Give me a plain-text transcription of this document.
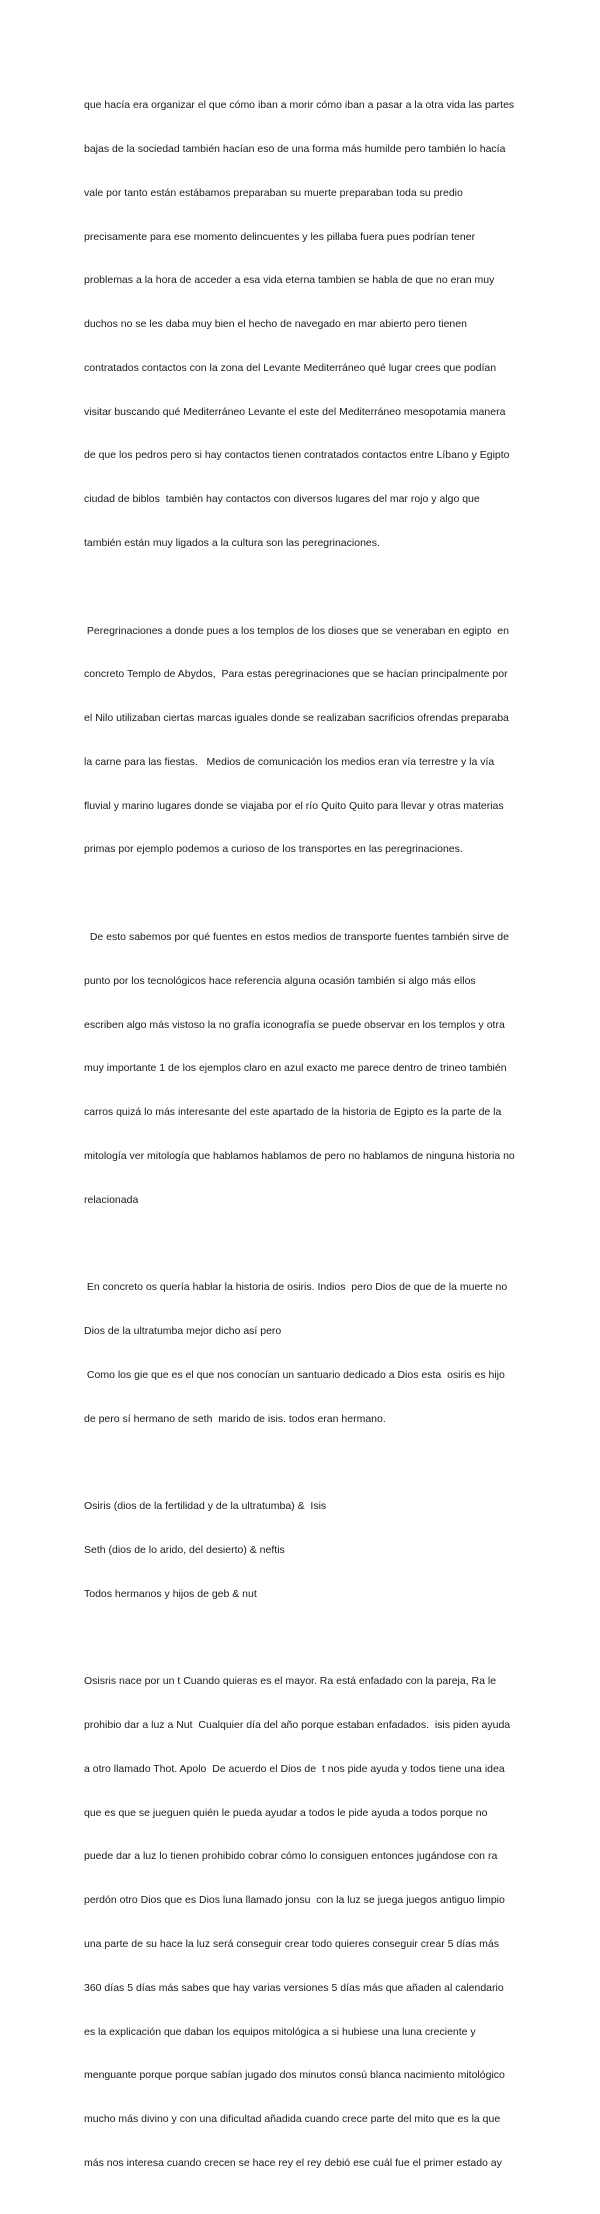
que hacía era organizar el que cómo iban a morir cómo iban a pasar a la otra vida las partes

bajas de la sociedad también hacían eso de una forma más humilde pero también lo hacía

vale por tanto están estábamos preparaban su muerte preparaban toda su predio

precisamente para ese momento delincuentes y les pillaba fuera pues podrían tener

problemas a la hora de acceder a esa vida eterna tambien se habla de que no eran muy

duchos no se les daba muy bien el hecho de navegado en mar abierto pero tienen

contratados contactos con la zona del Levante Mediterráneo qué lugar crees que podían

visitar buscando qué Mediterráneo Levante el este del Mediterráneo mesopotamia manera

de que los pedros pero si hay contactos tienen contratados contactos entre Líbano y Egipto

ciudad de biblos  también hay contactos con diversos lugares del mar rojo y algo que

también están muy ligados a la cultura son las peregrinaciones.

Peregrinaciones a donde pues a los templos de los dioses que se veneraban en egipto  en

concreto Templo de Abydos,  Para estas peregrinaciones que se hacían principalmente por

el Nilo utilizaban ciertas marcas iguales donde se realizaban sacrificios ofrendas preparaba

la carne para las fiestas.   Medios de comunicación los medios eran vía terrestre y la vía

fluvial y marino lugares donde se viajaba por el río Quito Quito para llevar y otras materias

primas por ejemplo podemos a curioso de los transportes en las peregrinaciones.

De esto sabemos por qué fuentes en estos medios de transporte fuentes también sirve de

punto por los tecnológicos hace referencia alguna ocasión también si algo más ellos

escriben algo más vistoso la no grafía iconografía se puede observar en los templos y otra

muy importante 1 de los ejemplos claro en azul exacto me parece dentro de trineo también

carros quizá lo más interesante del este apartado de la historia de Egipto es la parte de la

mitología ver mitología que hablamos hablamos de pero no hablamos de ninguna historia no

relacionada

En concreto os quería hablar la historia de osiris. Indios  pero Dios de que de la muerte no

Dios de la ultratumba mejor dicho así pero

Como los gie que es el que nos conocían un santuario dedicado a Dios esta  osiris es hijo

de pero sí hermano de seth  marido de isis. todos eran hermano.

Osiris (dios de la fertilidad y de la ultratumba) &  Isis

Seth (dios de lo arido, del desierto) & neftis

Todos hermanos y hijos de geb & nut

Osisris nace por un t Cuando quieras es el mayor. Ra está enfadado con la pareja, Ra le

prohibio dar a luz a Nut  Cualquier día del año porque estaban enfadados.  isis piden ayuda

a otro llamado Thot. Apolo  De acuerdo el Dios de  t nos pide ayuda y todos tiene una idea

que es que se jueguen quién le pueda ayudar a todos le pide ayuda a todos porque no

puede dar a luz lo tienen prohibido cobrar cómo lo consiguen entonces jugándose con ra

perdón otro Dios que es Dios luna llamado jonsu  con la luz se juega juegos antiguo limpio

una parte de su hace la luz será conseguir crear todo quieres conseguir crear 5 días más

360 días 5 días más sabes que hay varias versiones 5 días más que añaden al calendario

es la explicación que daban los equipos mitológica a si hubiese una luna creciente y

menguante porque porque sabían jugado dos minutos consú blanca nacimiento mitológico

mucho más divino y con una dificultad añadida cuando crece parte del mito que es la que

más nos interesa cuando crecen se hace rey el rey debió ese cuál fue el primer estado ay
